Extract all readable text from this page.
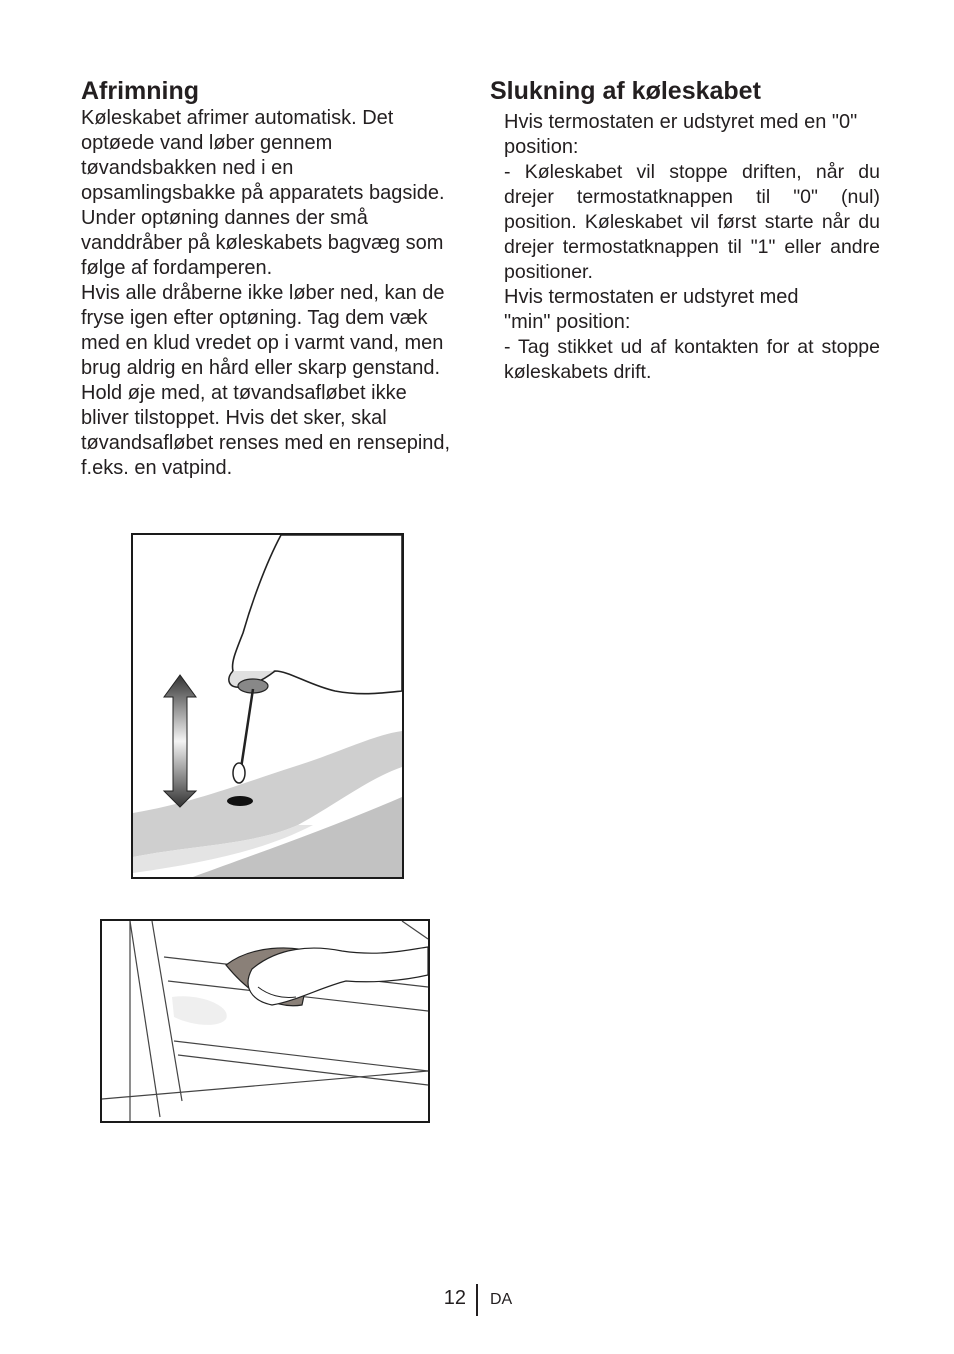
Afrimning

Køleskabet afrimer automatisk. Det optøede vand løber gennem tøvandsbakken ned i en opsamlingsbakke på apparatets bagside.

Under optøning dannes der små vanddråber på køleskabets bagvæg som følge af fordamperen.

Hvis alle dråberne ikke løber ned, kan de fryse igen efter optøning. Tag dem væk med en klud vredet op i varmt vand, men brug aldrig en hård eller skarp genstand.

Hold øje med, at tøvandsafløbet ikke bliver tilstoppet. Hvis det sker, skal tøvandsafløbet renses med en rensepind, f.eks. en vatpind.

Slukning af køleskabet

Hvis termostaten er udstyret med en "0" position:

- Køleskabet vil stoppe driften, når du drejer termostatknappen til "0" (nul) position. Køleskabet vil først starte når du drejer termostatknappen til "1" eller andre positioner.

Hvis termostaten er udstyret med "min" position:

- Tag stikket ud af kontakten for at stoppe køleskabets drift.

12 DA
